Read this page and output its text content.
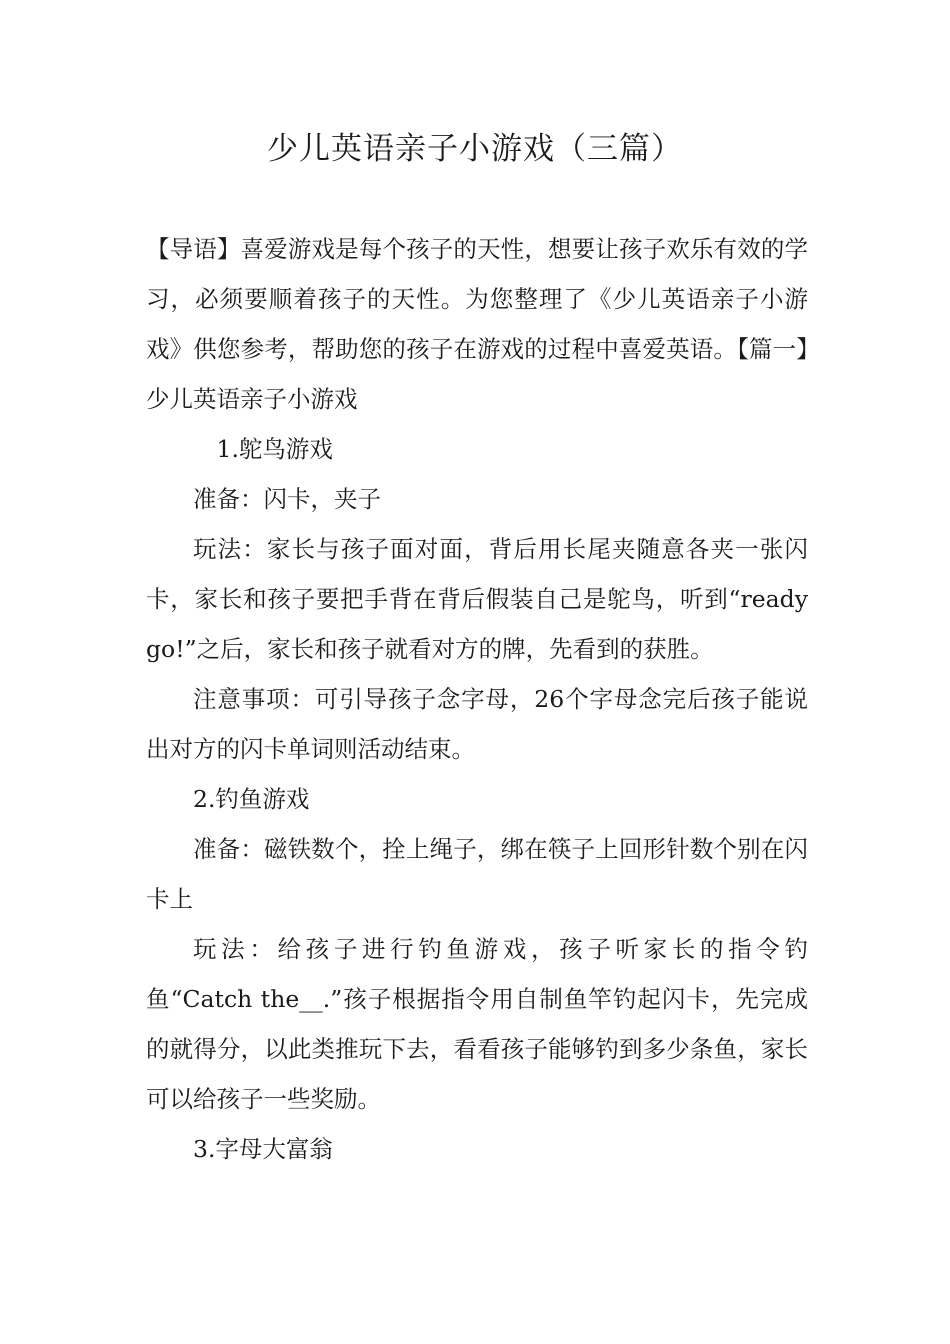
少儿英语亲子小游戏（三篇）

【导语】喜爱游戏是每个孩子的天性，想要让孩子欢乐有效的学习，必须要顺着孩子的天性。为您整理了《少儿英语亲子小游戏》供您参考，帮助您的孩子在游戏的过程中喜爱英语。【篇一】少儿英语亲子小游戏

1.鸵鸟游戏

准备：闪卡，夹子

玩法：家长与孩子面对面，背后用长尾夹随意各夹一张闪卡，家长和孩子要把手背在背后假装自己是鸵鸟，听到“ready go!”之后，家长和孩子就看对方的牌，先看到的获胜。

注意事项：可引导孩子念字母，26个字母念完后孩子能说出对方的闪卡单词则活动结束。

2.钓鱼游戏

准备：磁铁数个，拴上绳子，绑在筷子上回形针数个别在闪卡上

玩法：给孩子进行钓鱼游戏，孩子听家长的指令钓鱼“Catch the__.”孩子根据指令用自制鱼竿钓起闪卡，先完成的就得分，以此类推玩下去，看看孩子能够钓到多少条鱼，家长可以给孩子一些奖励。

3.字母大富翁
